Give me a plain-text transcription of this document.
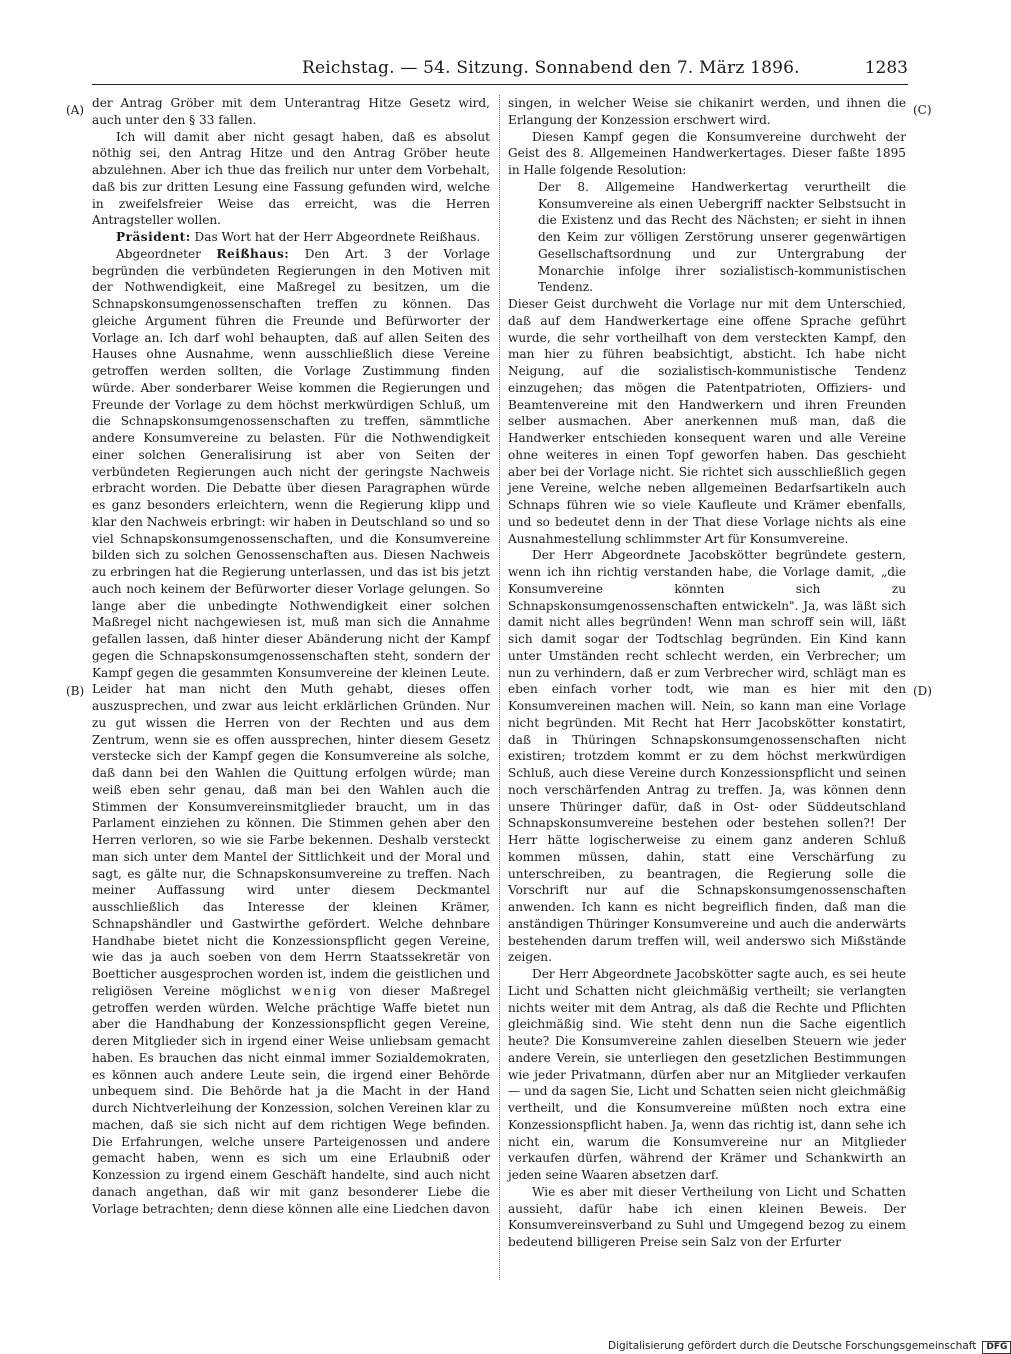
Reichstag. — 54. Sitzung. Sonnabend den 7. März 1896.	1283
(A)
(B)
(C)
(D)

der Antrag Gröber mit dem Unterantrag Hitze Gesetz wird, auch unter den § 33 fallen.

Ich will damit aber nicht gesagt haben, daß es absolut nöthig sei, den Antrag Hitze und den Antrag Gröber heute abzulehnen. Aber ich thue das freilich nur unter dem Vorbehalt, daß bis zur dritten Lesung eine Fassung gefunden wird, welche in zweifelsfreier Weise das erreicht, was die Herren Antragsteller wollen.

Präsident: Das Wort hat der Herr Abgeordnete Reißhaus.

Abgeordneter Reißhaus: Den Art. 3 der Vorlage begründen die verbündeten Regierungen in den Motiven mit der Nothwendigkeit, eine Maßregel zu besitzen, um die Schnapskonsumgenossenschaften treffen zu können. Das gleiche Argument führen die Freunde und Befürworter der Vorlage an. Ich darf wohl behaupten, daß auf allen Seiten des Hauses ohne Ausnahme, wenn ausschließlich diese Vereine getroffen werden sollten, die Vorlage Zustimmung finden würde. Aber sonderbarer Weise kommen die Regierungen und Freunde der Vorlage zu dem höchst merkwürdigen Schluß, um die Schnapskonsumgenossenschaften zu treffen, sämmtliche andere Konsumvereine zu belasten. Für die Nothwendigkeit einer solchen Generalisirung ist aber von Seiten der verbündeten Regierungen auch nicht der geringste Nachweis erbracht worden. Die Debatte über diesen Paragraphen würde es ganz besonders erleichtern, wenn die Regierung klipp und klar den Nachweis erbringt: wir haben in Deutschland so und so viel Schnapskonsumgenossenschaften, und die Konsumvereine bilden sich zu solchen Genossenschaften aus. Diesen Nachweis zu erbringen hat die Regierung unterlassen, und das ist bis jetzt auch noch keinem der Befürworter dieser Vorlage gelungen. So lange aber die unbedingte Nothwendigkeit einer solchen Maßregel nicht nachgewiesen ist, muß man sich die Annahme gefallen lassen, daß hinter dieser Abänderung nicht der Kampf gegen die Schnapskonsumgenossenschaften steht, sondern der Kampf gegen die gesammten Konsumvereine der kleinen Leute. Leider hat man nicht den Muth gehabt, dieses offen auszusprechen, und zwar aus leicht erklärlichen Gründen. Nur zu gut wissen die Herren von der Rechten und aus dem Zentrum, wenn sie es offen aussprechen, hinter diesem Gesetz verstecke sich der Kampf gegen die Konsumvereine als solche, daß dann bei den Wahlen die Quittung erfolgen würde; man weiß eben sehr genau, daß man bei den Wahlen auch die Stimmen der Konsumvereinsmitglieder braucht, um in das Parlament einziehen zu können. Die Stimmen gehen aber den Herren verloren, so wie sie Farbe bekennen. Deshalb versteckt man sich unter dem Mantel der Sittlichkeit und der Moral und sagt, es gälte nur, die Schnapskonsumvereine zu treffen. Nach meiner Auffassung wird unter diesem Deckmantel ausschließlich das Interesse der kleinen Krämer, Schnapshändler und Gastwirthe gefördert. Welche dehnbare Handhabe bietet nicht die Konzessionspflicht gegen Vereine, wie das ja auch soeben von dem Herrn Staatssekretär von Boetticher ausgesprochen worden ist, indem die geistlichen und religiösen Vereine möglichst wenig von dieser Maßregel getroffen werden würden. Welche prächtige Waffe bietet nun aber die Handhabung der Konzessionspflicht gegen Vereine, deren Mitglieder sich in irgend einer Weise unliebsam gemacht haben. Es brauchen das nicht einmal immer Sozialdemokraten, es können auch andere Leute sein, die irgend einer Behörde unbequem sind. Die Behörde hat ja die Macht in der Hand durch Nichtverleihung der Konzession, solchen Vereinen klar zu machen, daß sie sich nicht auf dem richtigen Wege befinden. Die Erfahrungen, welche unsere Parteigenossen und andere gemacht haben, wenn es sich um eine Erlaubniß oder Konzession zu irgend einem Geschäft handelte, sind auch nicht danach angethan, daß wir mit ganz besonderer Liebe die Vorlage betrachten; denn diese können alle eine Liedchen davon

singen, in welcher Weise sie chikanirt werden, und ihnen die Erlangung der Konzession erschwert wird.

Diesen Kampf gegen die Konsumvereine durchweht der Geist des 8. Allgemeinen Handwerkertages. Dieser faßte 1895 in Halle folgende Resolution:

Der 8. Allgemeine Handwerkertag verurtheilt die Konsumvereine als einen Uebergriff nackter Selbstsucht in die Existenz und das Recht des Nächsten; er sieht in ihnen den Keim zur völligen Zerstörung unserer gegenwärtigen Gesellschaftsordnung und zur Untergrabung der Monarchie infolge ihrer sozialistisch-kommunistischen Tendenz.

Dieser Geist durchweht die Vorlage nur mit dem Unterschied, daß auf dem Handwerkertage eine offene Sprache geführt wurde, die sehr vortheilhaft von dem versteckten Kampf, den man hier zu führen beabsichtigt, absticht. Ich habe nicht Neigung, auf die sozialistisch-kommunistische Tendenz einzugehen; das mögen die Patentpatrioten, Offiziers- und Beamtenvereine mit den Handwerkern und ihren Freunden selber ausmachen. Aber anerkennen muß man, daß die Handwerker entschieden konsequent waren und alle Vereine ohne weiteres in einen Topf geworfen haben. Das geschieht aber bei der Vorlage nicht. Sie richtet sich ausschließlich gegen jene Vereine, welche neben allgemeinen Bedarfsartikeln auch Schnaps führen wie so viele Kaufleute und Krämer ebenfalls, und so bedeutet denn in der That diese Vorlage nichts als eine Ausnahmestellung schlimmster Art für Konsumvereine.

Der Herr Abgeordnete Jacobskötter begründete gestern, wenn ich ihn richtig verstanden habe, die Vorlage damit, „die Konsumvereine könnten sich zu Schnapskonsumgenossenschaften entwickeln". Ja, was läßt sich damit nicht alles begründen! Wenn man schroff sein will, läßt sich damit sogar der Todtschlag begründen. Ein Kind kann unter Umständen recht schlecht werden, ein Verbrecher; um nun zu verhindern, daß er zum Verbrecher wird, schlägt man es eben einfach vorher todt, wie man es hier mit den Konsumvereinen machen will. Nein, so kann man eine Vorlage nicht begründen. Mit Recht hat Herr Jacobskötter konstatirt, daß in Thüringen Schnapskonsumgenossenschaften nicht existiren; trotzdem kommt er zu dem höchst merkwürdigen Schluß, auch diese Vereine durch Konzessionspflicht und seinen noch verschärfenden Antrag zu treffen. Ja, was können denn unsere Thüringer dafür, daß in Ost- oder Süddeutschland Schnapskonsumvereine bestehen oder bestehen sollen?! Der Herr hätte logischerweise zu einem ganz anderen Schluß kommen müssen, dahin, statt eine Verschärfung zu unterschreiben, zu beantragen, die Regierung solle die Vorschrift nur auf die Schnapskonsumgenossenschaften anwenden. Ich kann es nicht begreiflich finden, daß man die anständigen Thüringer Konsumvereine und auch die anderwärts bestehenden darum treffen will, weil anderswo sich Mißstände zeigen.

Der Herr Abgeordnete Jacobskötter sagte auch, es sei heute Licht und Schatten nicht gleichmäßig vertheilt; sie verlangten nichts weiter mit dem Antrag, als daß die Rechte und Pflichten gleichmäßig sind. Wie steht denn nun die Sache eigentlich heute? Die Konsumvereine zahlen dieselben Steuern wie jeder andere Verein, sie unterliegen den gesetzlichen Bestimmungen wie jeder Privatmann, dürfen aber nur an Mitglieder verkaufen — und da sagen Sie, Licht und Schatten seien nicht gleichmäßig vertheilt, und die Konsumvereine müßten noch extra eine Konzessionspflicht haben. Ja, wenn das richtig ist, dann sehe ich nicht ein, warum die Konsumvereine nur an Mitglieder verkaufen dürfen, während der Krämer und Schankwirth an jeden seine Waaren absetzen darf.

Wie es aber mit dieser Vertheilung von Licht und Schatten aussieht, dafür habe ich einen kleinen Beweis. Der Konsumvereinsverband zu Suhl und Umgegend bezog zu einem bedeutend billigeren Preise sein Salz von der Erfurter

Digitalisierung gefördert durch die Deutsche Forschungsgemeinschaft DFG
